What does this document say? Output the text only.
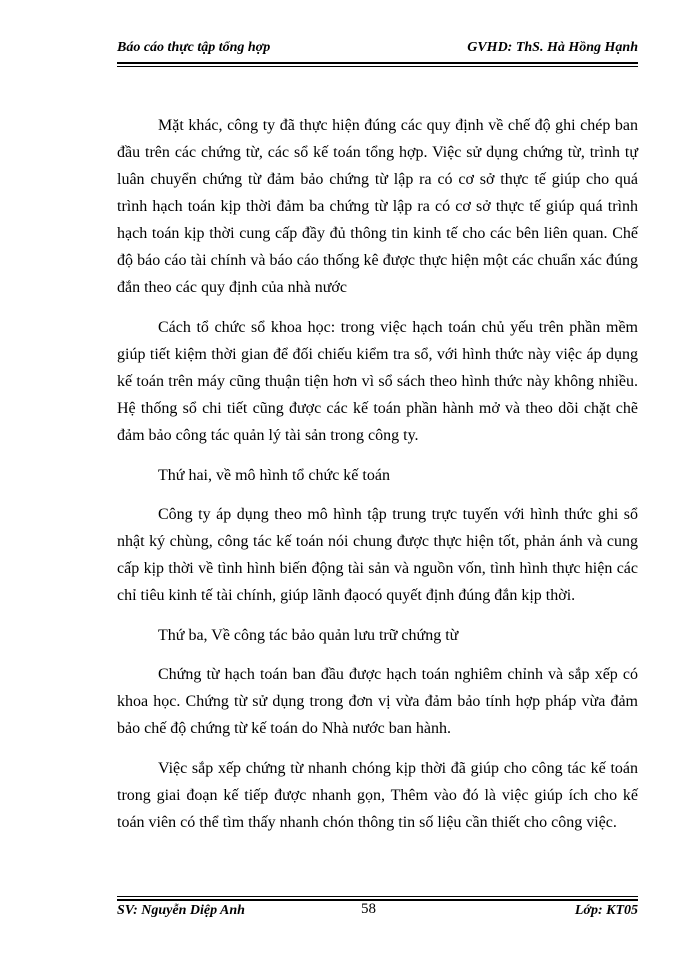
Báo cáo thực tập tổng hợp	GVHD: ThS. Hà Hồng Hạnh

Mặt khác, công ty đã thực hiện đúng các quy định về chế độ ghi chép ban đầu trên các chứng từ, các sổ kế toán tổng hợp. Việc sử dụng chứng từ, trình tự luân chuyển chứng từ đảm bảo chứng từ lập ra có cơ sở thực tế giúp cho quá trình hạch toán kịp thời đảm ba chứng từ lập ra có cơ sở thực tế giúp quá trình hạch toán kịp thời cung cấp đầy đủ thông tin kinh tế cho các bên liên quan. Chế độ báo cáo tài chính và báo cáo thống kê được thực hiện một các chuẩn xác đúng đắn theo các quy định của nhà nước

Cách tổ chức sổ khoa học: trong việc hạch toán chủ yếu trên phần mềm giúp tiết kiệm thời gian để đối chiếu kiểm tra sổ, với hình thức này việc áp dụng kế toán trên máy cũng thuận tiện hơn vì sổ sách theo hình thức này không nhiều. Hệ thống sổ chi tiết cũng được các kế toán phần hành mở và theo dõi chặt chẽ đảm bảo công tác quản lý tài sản trong công ty.

Thứ hai, về mô hình tổ chức kế toán

Công ty áp dụng theo mô hình tập trung trực tuyến với hình thức ghi sổ nhật ký chùng, công tác kế toán nói chung được thực hiện tốt, phản ánh và cung cấp kịp thời về tình hình biến động tài sản và nguồn vốn, tình hình thực hiện các chỉ tiêu kinh tế tài chính, giúp lãnh đạocó quyết định đúng đắn kịp thời.

Thứ ba, Về công tác bảo quản lưu trữ chứng từ

Chứng từ hạch toán ban đầu được hạch toán nghiêm chỉnh và sắp xếp có khoa học. Chứng từ sử dụng trong đơn vị vừa đảm bảo tính hợp pháp vừa đảm bảo chế độ chứng từ kế toán do Nhà nước ban hành.

Việc sắp xếp chứng từ nhanh chóng kịp thời đã giúp cho công tác kế toán trong giai đoạn kế tiếp được nhanh gọn, Thêm vào đó là việc giúp ích cho kế toán viên có thể tìm thấy nhanh chón thông tin số liệu cần thiết cho công việc.

SV: Nguyễn Diệp Anh	58	Lớp: KT05
